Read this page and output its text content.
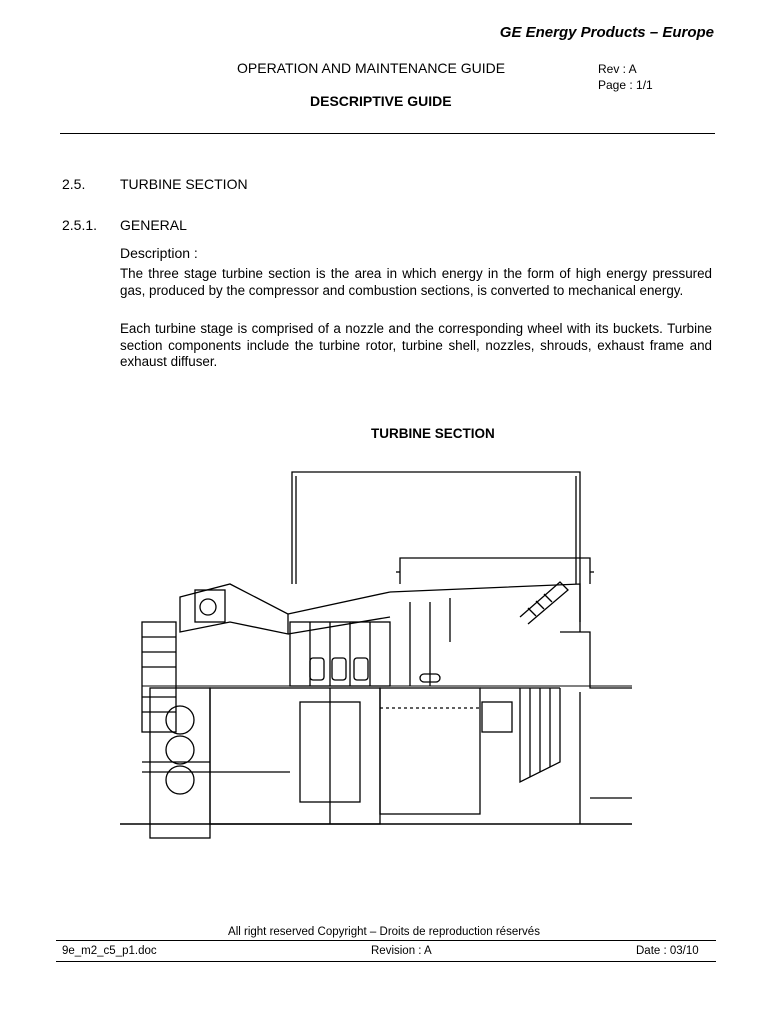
GE Energy Products – Europe
OPERATION AND MAINTENANCE GUIDE	Rev : A
Page : 1/1
DESCRIPTIVE GUIDE
2.5. TURBINE SECTION
2.5.1. GENERAL
Description :
The three stage turbine section is the area in which energy in the form of high energy pressured gas, produced by the compressor and combustion sections, is converted to mechanical energy.
Each turbine stage is comprised of a nozzle and the corresponding wheel with its buckets. Turbine section components include the turbine rotor, turbine shell, nozzles, shrouds, exhaust frame and exhaust diffuser.
TURBINE SECTION
All right reserved Copyright – Droits de reproduction réservés
9e_m2_c5_p1.doc	Revision : A	Date : 03/10
